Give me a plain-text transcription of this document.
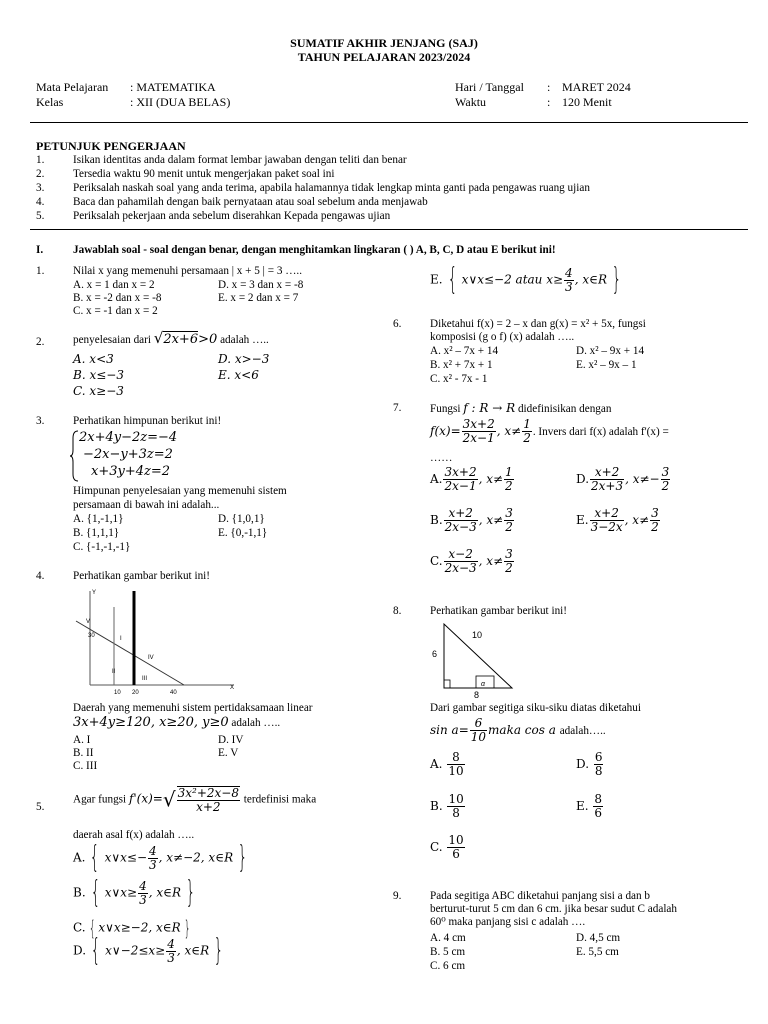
SUMATIF AKHIR JENJANG (SAJ)
TAHUN PELAJARAN 2023/2024
Mata Pelajaran : MATEMATIKA
Kelas	: XII (DUA BELAS)
Hari / Tanggal : MARET 2024
Waktu	: 120 Menit
PETUNJUK PENGERJAAN
1.	Isikan identitas anda dalam format lembar jawaban dengan teliti dan benar
2.	Tersedia waktu 90 menit untuk mengerjakan paket soal ini
3.	Periksalah naskah soal yang anda terima, apabila halamannya tidak lengkap minta ganti pada pengawas ruang ujian
4.	Baca dan pahamilah dengan baik pernyataan atau soal sebelum anda menjawab
5.	Periksalah pekerjaan anda sebelum diserahkan Kepada pengawas ujian
I.	Jawablah soal - soal dengan benar, dengan menghitamkan lingkaran ( ) A, B, C, D atau E berikut ini!
1.	Nilai x yang memenuhi persamaan | x + 5 | = 3 …..
A. x = 1 dan x = 2	D. x = 3 dan x = -8
B. x = -2 dan x = -8	E. x = 2 dan x = 7
C. x = -1 dan x = 2
2.	penyelesaian dari √2x+6>0 adalah …..
A. x<3	D. x>−3
B. x≤−3	E. x<6
C. x≥−3
3.	Perhatikan himpunan berikut ini!
2x+4y−2z=−4
−2x−y+3z=2
x+3y+4z=2
Himpunan penyelesaian yang memenuhi sistem
persamaan di bawah ini adalah...
A. {1,-1,1}	D. {1,0,1}
B. {1,1,1}	E. {0,-1,1}
C. {-1,-1,-1}
4.	Perhatikan gambar berikut ini!
Y
X
V
I
II
IV
III
30
10 20	40
Daerah yang memenuhi sistem pertidaksamaan linear
3x+4y≥120, x≥20, y≥0 adalah …..
A. I	D. IV
B. II	E. V
C. III
5.
Agar fungsi $f'(x)=√ \frac{\text{3x²+2x−8}}{x+2}$ terdefinisi maka
daerah asal f(x) adalah …..
A. { x∨x≤− $\frac{4}{3}$ , x≠−2, x∈R }
B. { x∨x≥ $\frac{4}{3}$ , x∈R }
C. { x∨x≥−2, x∈R }
D. { x∨−2≤x≥ $\frac{4}{3}$ , x∈R }
E. { x∨x≤−2 atau $x\ge \frac{4}{3}$ , x∈R }
6.	Diketahui f(x) = 2 – x dan g(x) = x² + 5x, fungsi
komposisi (g o f) (x) adalah …..
A. x² – 7x + 14	D. x² – 9x + 14
B. x² + 7x + 1	E. x² – 9x – 1
C. x² - 7x - 1
7.	Fungsi f : R → R didefinisikan dengan
$f(x)= \frac{3x+2}{2x-1}$ , $x\ne \frac{1}{2}$ . Invers dari f(x) adalah f'(x) =
……
A. $\frac{3x+2}{2x-1}$ , $x\ne \frac{1}{2}$	D. $\frac{x+2}{2x+3}$ , $x\ne- \frac{3}{2}$
B. $\frac{x+2}{2x-3}$ , $x\ne \frac{3}{2}$	E. $\frac{x+2}{3-2x}$ , $x\ne \frac{3}{2}$
C. $\frac{x-2}{2x-3}$ , $x\ne \frac{3}{2}$
8.	Perhatikan gambar berikut ini!
α
10
6
8
Dari gambar segitiga siku-siku diatas diketahui
$\sin a= \frac{6}{10}$ maka cos a adalah…..
A. $\frac{8}{10}$	D. $\frac{6}{8}$
B. $\frac{10}{8}$	E. $\frac{8}{6}$
C. $\frac{10}{6}$
9.	Pada segitiga ABC diketahui panjang sisi a dan b
berturut-turut 5 cm dan 6 cm. jika besar sudut C adalah
60⁰ maka panjang sisi c adalah ….
A. 4 cm	D. 4,5 cm
B. 5 cm	E. 5,5 cm
C. 6 cm
